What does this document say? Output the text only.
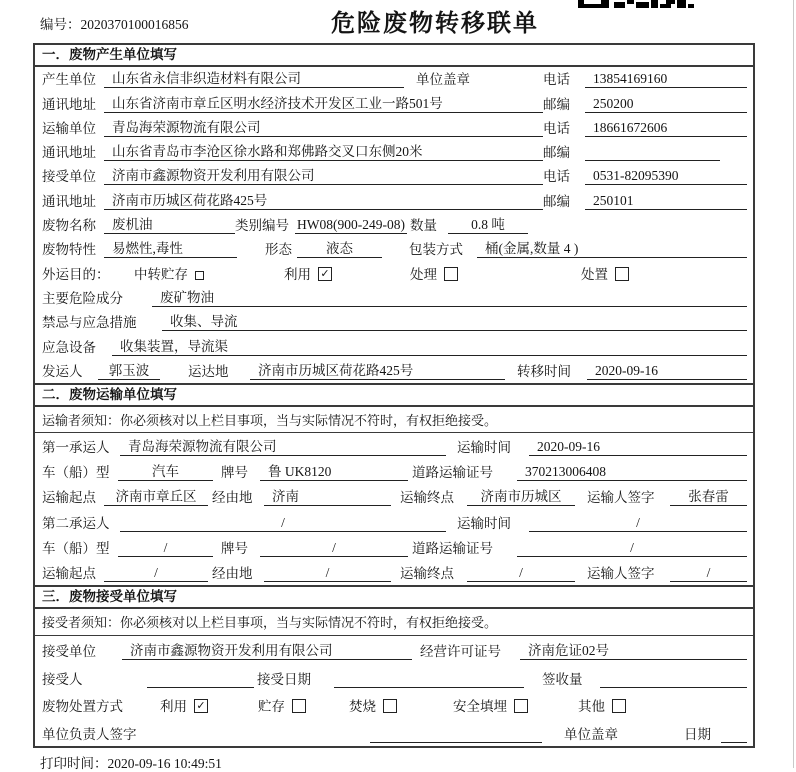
编号：2020370100016856	危险废物转移联单
一．废物产生单位填写
产生单位	山东省永信非织造材料有限公司	单位盖章	电话	13854169160
通讯地址	山东省济南市章丘区明水经济技术开发区工业一路501号	邮编	250200
运输单位	青岛海荣源物流有限公司	电话	18661672606
通讯地址	山东省青岛市李沧区徐水路和郑佛路交叉口东侧20米	邮编
接受单位	济南市鑫源物资开发利用有限公司	电话	0531-82095390
通讯地址	济南市历城区荷花路425号	邮编	250101
废物名称	废机油	类别编号 HW08(900-249-08) 数量	0.8 吨
废物特性	易燃性,毒性	形态	液态	包装方式	桶(金属,数量 4 )
外运目的：	中转贮存	利用 ✓	处理	处置
主要危险成分	废矿物油
禁忌与应急措施	收集、导流
应急设备	收集装置，导流渠
发运人	郭玉波	运达地	济南市历城区荷花路425号	转移时间	2020-09-16
二．废物运输单位填写
运输者须知：你必须核对以上栏目事项，当与实际情况不符时，有权拒绝接受。
第一承运人	青岛海荣源物流有限公司	运输时间	2020-09-16
车（船）型	汽车	牌号	鲁 UK8120	道路运输证号	370213006408
运输起点	济南市章丘区	经由地	济南	运输终点	济南市历城区	运输人签字	张春雷
第二承运人	/	运输时间	/
车（船）型	/	牌号	/	道路运输证号	/
运输起点	/	经由地	/	运输终点	/	运输人签字	/
三．废物接受单位填写
接受者须知：你必须核对以上栏目事项，当与实际情况不符时，有权拒绝接受。
接受单位	济南市鑫源物资开发利用有限公司	经营许可证号	济南危证02号
接受人	接受日期	签收量
废物处置方式	利用 ✓	贮存	焚烧	安全填埋	其他
单位负责人签字	单位盖章	日期
打印时间：2020-09-16 10:49:51
